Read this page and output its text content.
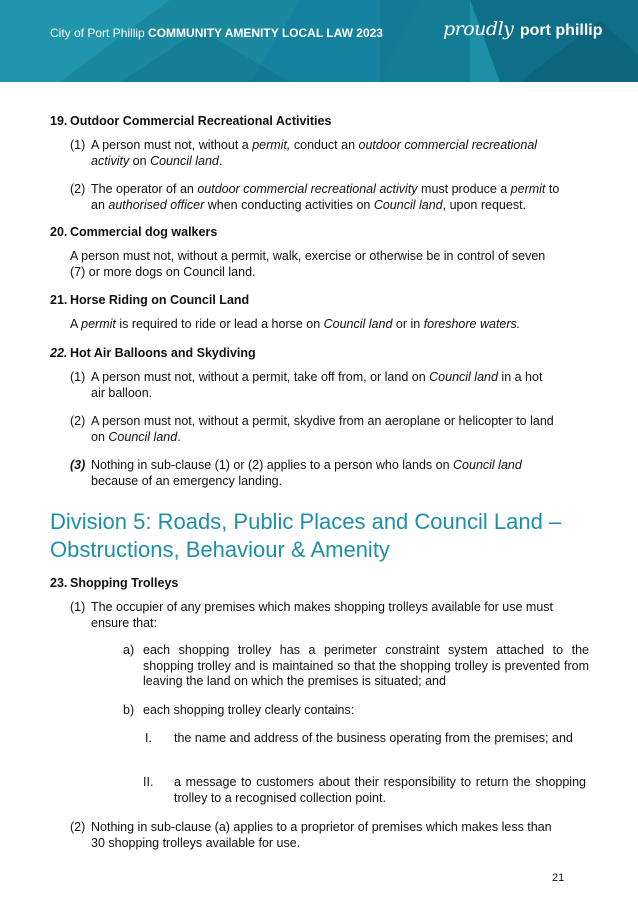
City of Port Phillip COMMUNITY AMENITY LOCAL LAW 2023	proudly port phillip
19. Outdoor Commercial Recreational Activities
(1) A person must not, without a permit, conduct an outdoor commercial recreational
activity on Council land.
(2) The operator of an outdoor commercial recreational activity must produce a permit to
an authorised officer when conducting activities on Council land, upon request.
20. Commercial dog walkers
A person must not, without a permit, walk, exercise or otherwise be in control of seven
(7) or more dogs on Council land.
21. Horse Riding on Council Land
A permit is required to ride or lead a horse on Council land or in foreshore waters.
22. Hot Air Balloons and Skydiving
(1) A person must not, without a permit, take off from, or land on Council land in a hot
air balloon.
(2) A person must not, without a permit, skydive from an aeroplane or helicopter to land
on Council land.
(3) Nothing in sub-clause (1) or (2) applies to a person who lands on Council land
because of an emergency landing.
Division 5: Roads, Public Places and Council Land –
Obstructions, Behaviour & Amenity
23. Shopping Trolleys
(1) The occupier of any premises which makes shopping trolleys available for use must
ensure that:
a) each shopping trolley has a perimeter constraint system attached to the shopping trolley and is maintained so that the shopping trolley is prevented from leaving the land on which the premises is situated; and
b) each shopping trolley clearly contains:
I. the name and address of the business operating from the premises; and
II. a message to customers about their responsibility to return the shopping trolley to a recognised collection point.
(2) Nothing in sub-clause (a) applies to a proprietor of premises which makes less than
30 shopping trolleys available for use.
21
